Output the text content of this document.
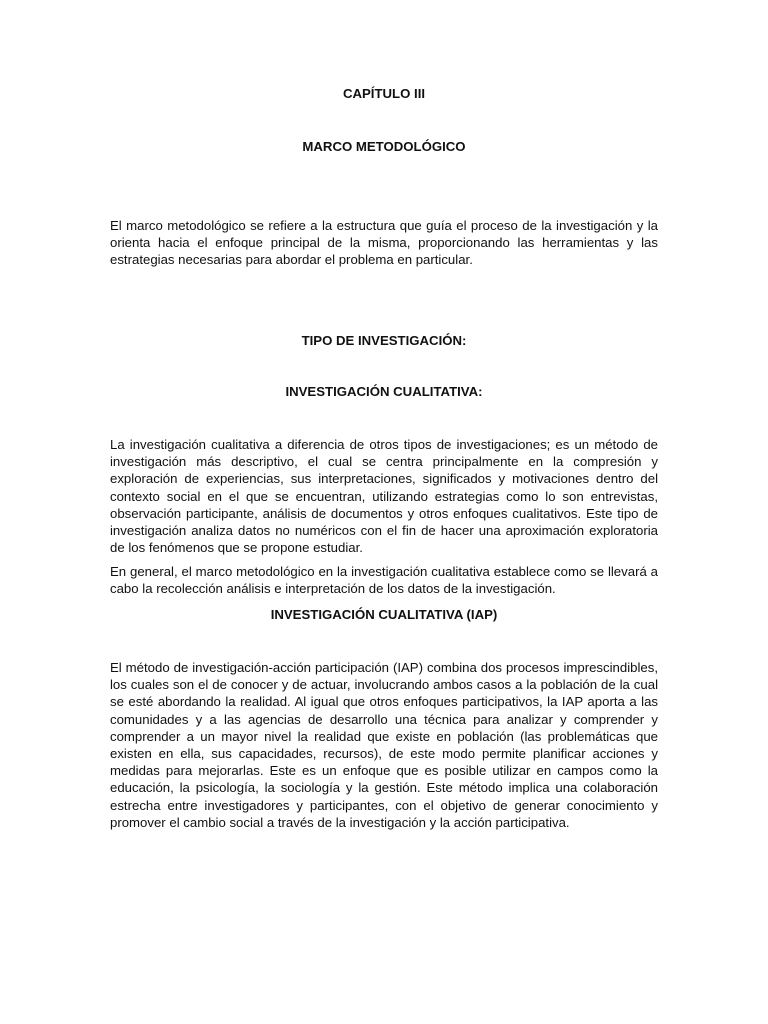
CAPÍTULO III
MARCO METODOLÓGICO

El marco metodológico se refiere a la estructura que guía el proceso de la investigación y la orienta hacia el enfoque principal de la misma, proporcionando las herramientas y las estrategias necesarias para abordar el problema en particular.

TIPO DE INVESTIGACIÓN:
INVESTIGACIÓN CUALITATIVA:

La investigación cualitativa a diferencia de otros tipos de investigaciones; es un método de investigación más descriptivo, el cual se centra principalmente en la compresión y exploración de experiencias, sus interpretaciones, significados y motivaciones dentro del contexto social en el que se encuentran, utilizando estrategias como lo son entrevistas, observación participante, análisis de documentos y otros enfoques cualitativos. Este tipo de investigación analiza datos no numéricos con el fin de hacer una aproximación exploratoria de los fenómenos que se propone estudiar.

En general, el marco metodológico en la investigación cualitativa establece como se llevará a cabo la recolección análisis e interpretación de los datos de la investigación.

INVESTIGACIÓN CUALITATIVA (IAP)

El método de investigación-acción participación (IAP) combina dos procesos imprescindibles, los cuales son el de conocer y de actuar, involucrando ambos casos a la población de la cual se esté abordando la realidad. Al igual que otros enfoques participativos, la IAP aporta a las comunidades y a las agencias de desarrollo una técnica para analizar y comprender y comprender a un mayor nivel la realidad que existe en población (las problemáticas que existen en ella, sus capacidades, recursos), de este modo permite planificar acciones y medidas para mejorarlas. Este es un enfoque que es posible utilizar en campos como la educación, la psicología, la sociología y la gestión. Este método implica una colaboración estrecha entre investigadores y participantes, con el objetivo de generar conocimiento y promover el cambio social a través de la investigación y la acción participativa.
